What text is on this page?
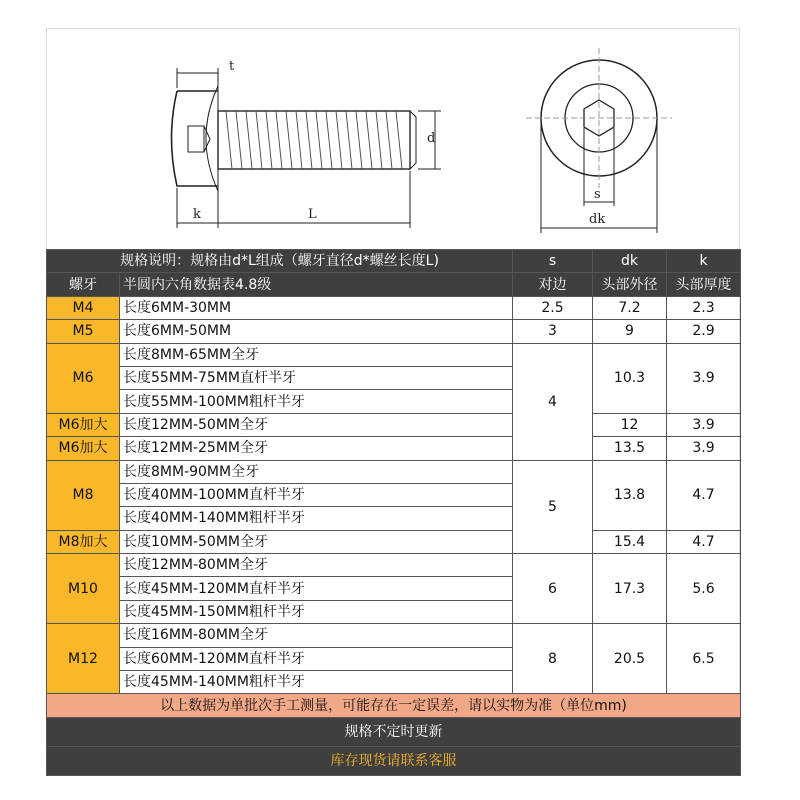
t
d
k	L
s
dk
规格说明：规格由d*L组成（螺牙直径d*螺丝长度L)		s	dk	k
螺牙	半圆内六角数据表4.8级	对边	头部外径	头部厚度
M4	长度6MM-30MM	2.5	7.2	2.3
M5	长度6MM-50MM	3	9	2.9
M6	长度8MM-65MM全牙	4	10.3	3.9
	长度55MM-75MM直杆半牙			
	长度55MM-100MM粗杆半牙			
M6加大	长度12MM-50MM全牙		12	3.9
M6加大	长度12MM-25MM全牙		13.5	3.9
M8	长度8MM-90MM全牙	5	13.8	4.7
	长度40MM-100MM直杆半牙			
	长度40MM-140MM粗杆半牙			
M8加大	长度10MM-50MM全牙		15.4	4.7
M10	长度12MM-80MM全牙	6	17.3	5.6
	长度45MM-120MM直杆半牙			
	长度45MM-150MM粗杆半牙			
M12	长度16MM-80MM全牙	8	20.5	6.5
	长度60MM-120MM直杆半牙			
	长度45MM-140MM粗杆半牙			
以上数据为单批次手工测量，可能存在一定误差，请以实物为准（单位mm)				
规格不定时更新				
库存现货请联系客服				
